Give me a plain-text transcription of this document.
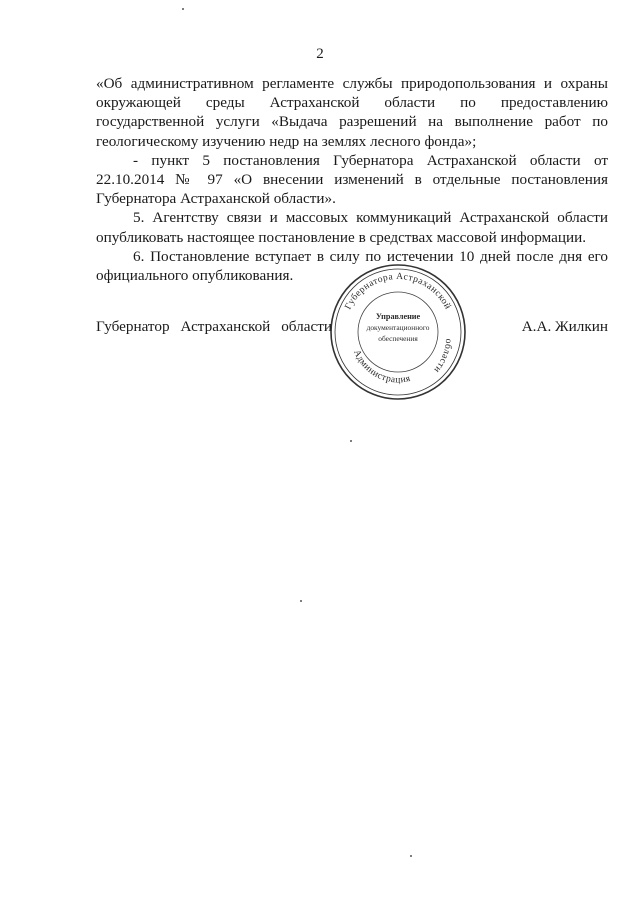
2

«Об административном регламенте службы природопользования и охраны окружающей среды Астраханской области по предоставлению государственной услуги «Выдача разрешений на выполнение работ по геологическому изучению недр на землях лесного фонда»;

- пункт 5 постановления Губернатора Астраханской области от 22.10.2014 № 97 «О внесении изменений в отдельные постановления Губернатора Астраханской области».

5. Агентству связи и массовых коммуникаций Астраханской области опубликовать настоящее постановление в средствах массовой информации.

6. Постановление вступает в силу по истечении 10 дней после дня его официального опубликования.

Губернатор Астраханской области	А.А. Жилкин
Губернатора Астраханской
Администрация
области
Управление
документационного
обеспечения
